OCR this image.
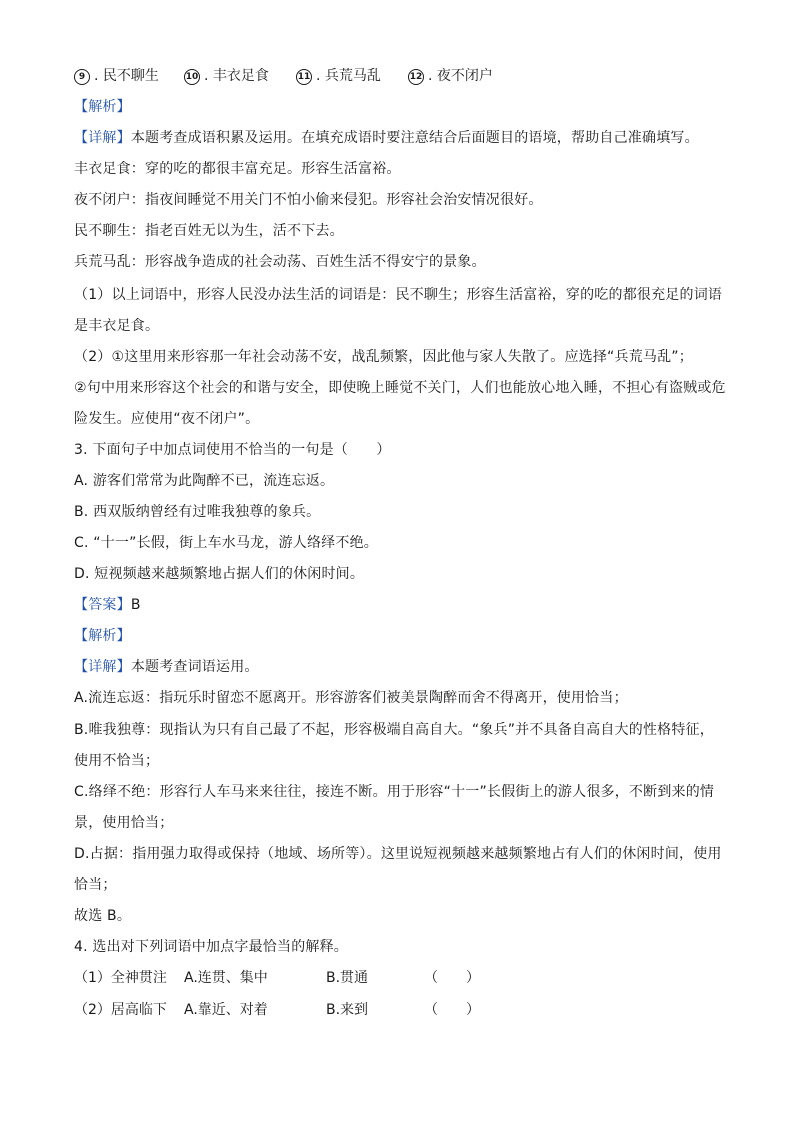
9 . 民不聊生	10 . 丰衣足食	11 . 兵荒马乱	12 . 夜不闭户
【解析】
【详解】本题考查成语积累及运用。在填充成语时要注意结合后面题目的语境，帮助自己准确填写。
丰衣足食：穿的吃的都很丰富充足。形容生活富裕。
夜不闭户：指夜间睡觉不用关门不怕小偷来侵犯。形容社会治安情况很好。
民不聊生：指老百姓无以为生，活不下去。
兵荒马乱：形容战争造成的社会动荡、百姓生活不得安宁的景象。
（1）以上词语中，形容人民没办法生活的词语是：民不聊生；形容生活富裕，穿的吃的都很充足的词语
是丰衣足食。
（2）①这里用来形容那一年社会动荡不安，战乱频繁，因此他与家人失散了。应选择“兵荒马乱”；
②句中用来形容这个社会的和谐与安全，即使晚上睡觉不关门，人们也能放心地入睡，不担心有盗贼或危
险发生。应使用“夜不闭户”。
3. 下面句子中加点词使用不恰当的一句是（　　）
A. 游客们常常为此陶醉不已，流连忘返。
B. 西双版纳曾经有过唯我独尊的象兵。
C. “十一”长假，街上车水马龙，游人络绎不绝。
D. 短视频越来越频繁地占据人们的休闲时间。
【答案】B
【解析】
【详解】本题考查词语运用。
A.流连忘返：指玩乐时留恋不愿离开。形容游客们被美景陶醉而舍不得离开，使用恰当；
B.唯我独尊：现指认为只有自己最了不起，形容极端自高自大。“象兵”并不具备自高自大的性格特征，
使用不恰当；
C.络绎不绝：形容行人车马来来往往，接连不断。用于形容“十一”长假街上的游人很多，不断到来的情
景，使用恰当；
D.占据：指用强力取得或保持（地域、场所等）。这里说短视频越来越频繁地占有人们的休闲时间，使用
恰当；
故选 B。
4. 选出对下列词语中加点字最恰当的解释。
（1）全神贯注 A.连贯、集中	B.贯通	（　　）
（2）居高临下 A.靠近、对着	B.来到	（　　）
